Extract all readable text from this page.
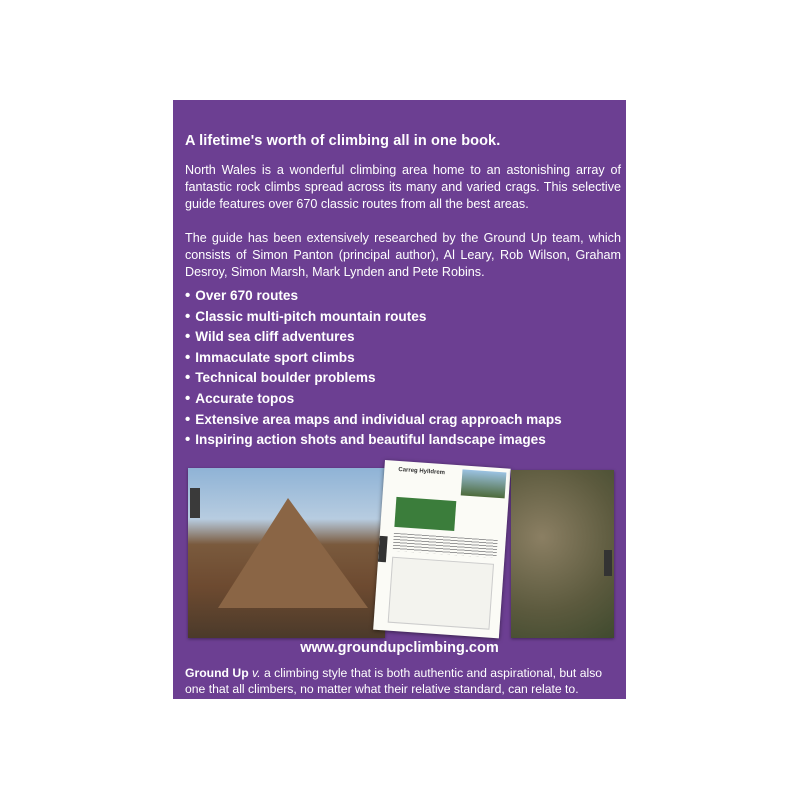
A lifetime's worth of climbing all in one book.
North Wales is a wonderful climbing area home to an astonishing array of fantastic rock climbs spread across its many and varied crags. This selective guide features over 670 classic routes from all the best areas.
The guide has been extensively researched by the Ground Up team, which consists of Simon Panton (principal author), Al Leary, Rob Wilson, Graham Desroy, Simon Marsh, Mark Lynden and Pete Robins.
• Over 670 routes
• Classic multi-pitch mountain routes
• Wild sea cliff adventures
• Immaculate sport climbs
• Technical boulder problems
• Accurate topos
• Extensive area maps and individual crag approach maps
• Inspiring action shots and beautiful landscape images
Carreg Hylldrem
www.groundupclimbing.com
Ground Up v. a climbing style that is both authentic and aspirational, but also one that all climbers, no matter what their relative standard, can relate to.
